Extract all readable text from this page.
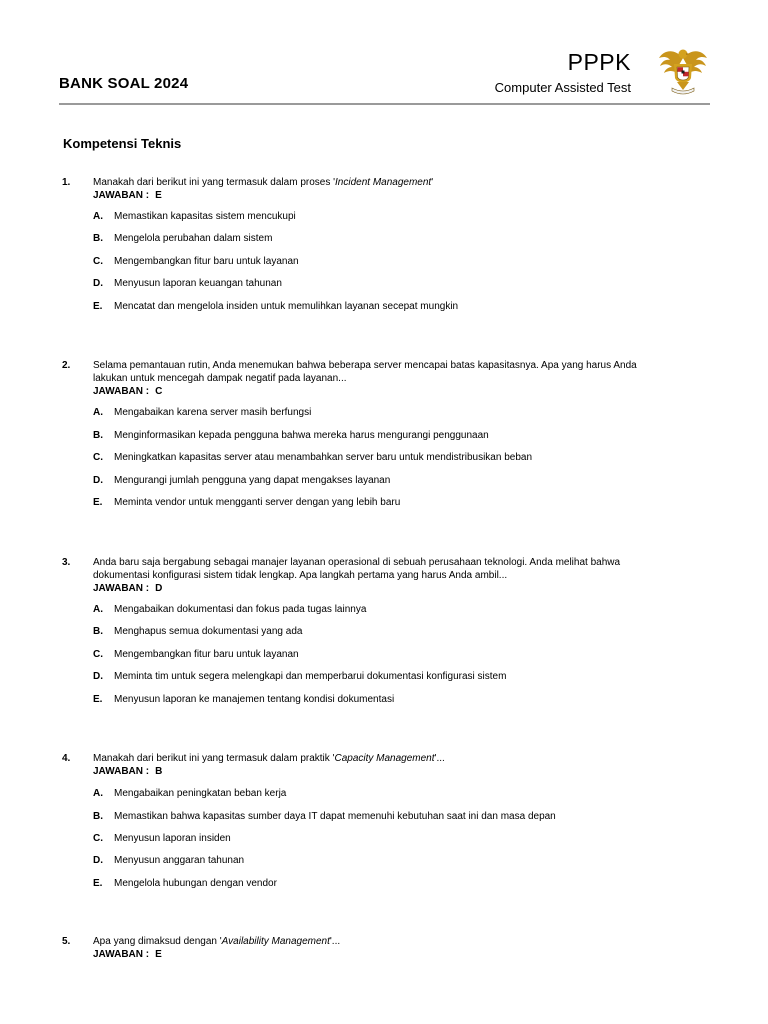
BANK SOAL 2024
PPPK
Computer Assisted Test
Kompetensi Teknis
1. Manakah dari berikut ini yang termasuk dalam proses 'Incident Management'
JAWABAN : E
A. Memastikan kapasitas sistem mencukupi
B. Mengelola perubahan dalam sistem
C. Mengembangkan fitur baru untuk layanan
D. Menyusun laporan keuangan tahunan
E. Mencatat dan mengelola insiden untuk memulihkan layanan secepat mungkin
2. Selama pemantauan rutin, Anda menemukan bahwa beberapa server mencapai batas kapasitasnya. Apa yang harus Anda
lakukan untuk mencegah dampak negatif pada layanan...
JAWABAN : C
A. Mengabaikan karena server masih berfungsi
B. Menginformasikan kepada pengguna bahwa mereka harus mengurangi penggunaan
C. Meningkatkan kapasitas server atau menambahkan server baru untuk mendistribusikan beban
D. Mengurangi jumlah pengguna yang dapat mengakses layanan
E. Meminta vendor untuk mengganti server dengan yang lebih baru
3. Anda baru saja bergabung sebagai manajer layanan operasional di sebuah perusahaan teknologi. Anda melihat bahwa
dokumentasi konfigurasi sistem tidak lengkap. Apa langkah pertama yang harus Anda ambil...
JAWABAN : D
A. Mengabaikan dokumentasi dan fokus pada tugas lainnya
B. Menghapus semua dokumentasi yang ada
C. Mengembangkan fitur baru untuk layanan
D. Meminta tim untuk segera melengkapi dan memperbarui dokumentasi konfigurasi sistem
E. Menyusun laporan ke manajemen tentang kondisi dokumentasi
4. Manakah dari berikut ini yang termasuk dalam praktik 'Capacity Management'...
JAWABAN : B
A. Mengabaikan peningkatan beban kerja
B. Memastikan bahwa kapasitas sumber daya IT dapat memenuhi kebutuhan saat ini dan masa depan
C. Menyusun laporan insiden
D. Menyusun anggaran tahunan
E. Mengelola hubungan dengan vendor
5. Apa yang dimaksud dengan 'Availability Management'...
JAWABAN : E
